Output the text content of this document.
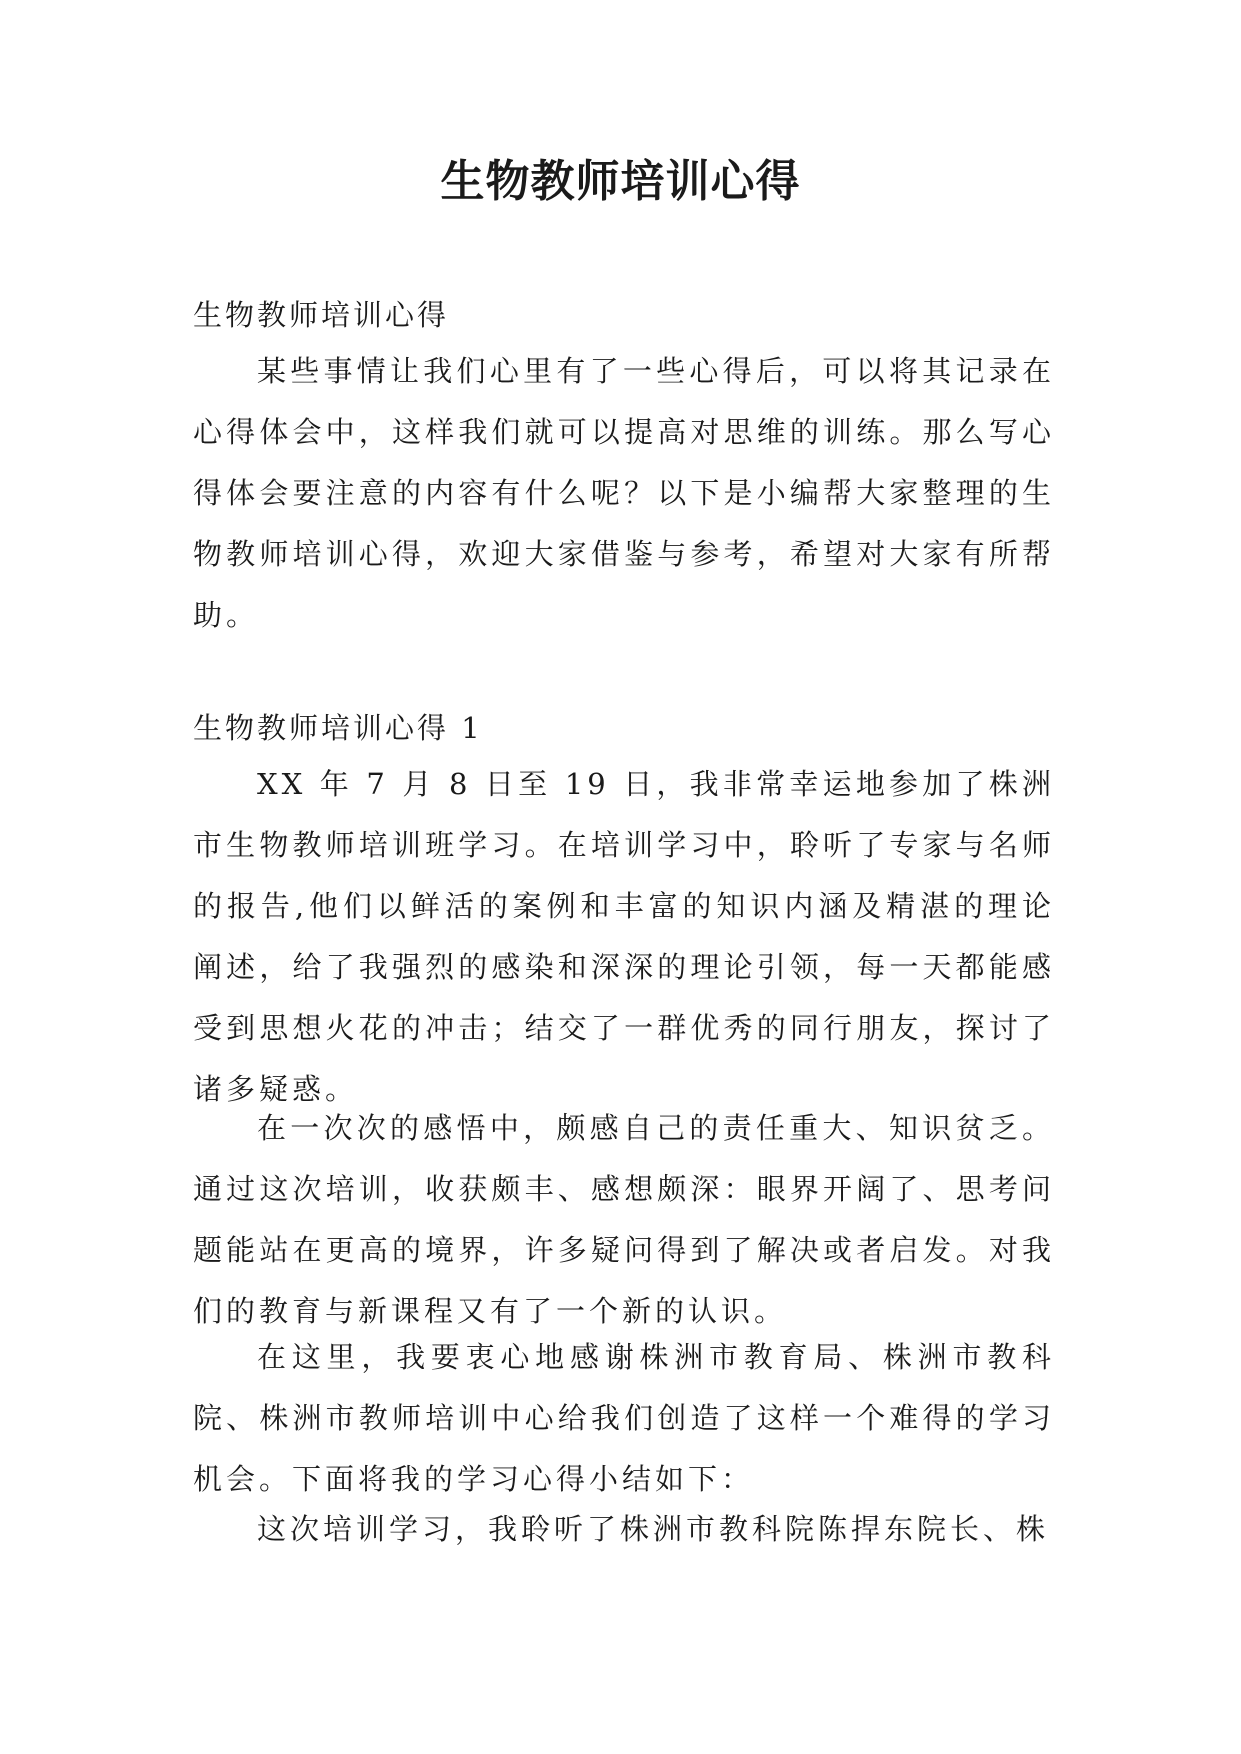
生物教师培训心得
生物教师培训心得
某些事情让我们心里有了一些心得后，可以将其记录在心得体会中，这样我们就可以提高对思维的训练。那么写心得体会要注意的内容有什么呢？以下是小编帮大家整理的生物教师培训心得，欢迎大家借鉴与参考，希望对大家有所帮助。
生物教师培训心得 1
XX 年 7 月 8 日至 19 日，我非常幸运地参加了株洲市生物教师培训班学习。在培训学习中，聆听了专家与名师的报告,他们以鲜活的案例和丰富的知识内涵及精湛的理论阐述，给了我强烈的感染和深深的理论引领，每一天都能感受到思想火花的冲击；结交了一群优秀的同行朋友，探讨了诸多疑惑。
在一次次的感悟中，颇感自己的责任重大、知识贫乏。通过这次培训，收获颇丰、感想颇深：眼界开阔了、思考问题能站在更高的境界，许多疑问得到了解决或者启发。对我们的教育与新课程又有了一个新的认识。
在这里，我要衷心地感谢株洲市教育局、株洲市教科院、株洲市教师培训中心给我们创造了这样一个难得的学习机会。下面将我的学习心得小结如下：
这次培训学习，我聆听了株洲市教科院陈捍东院长、株
